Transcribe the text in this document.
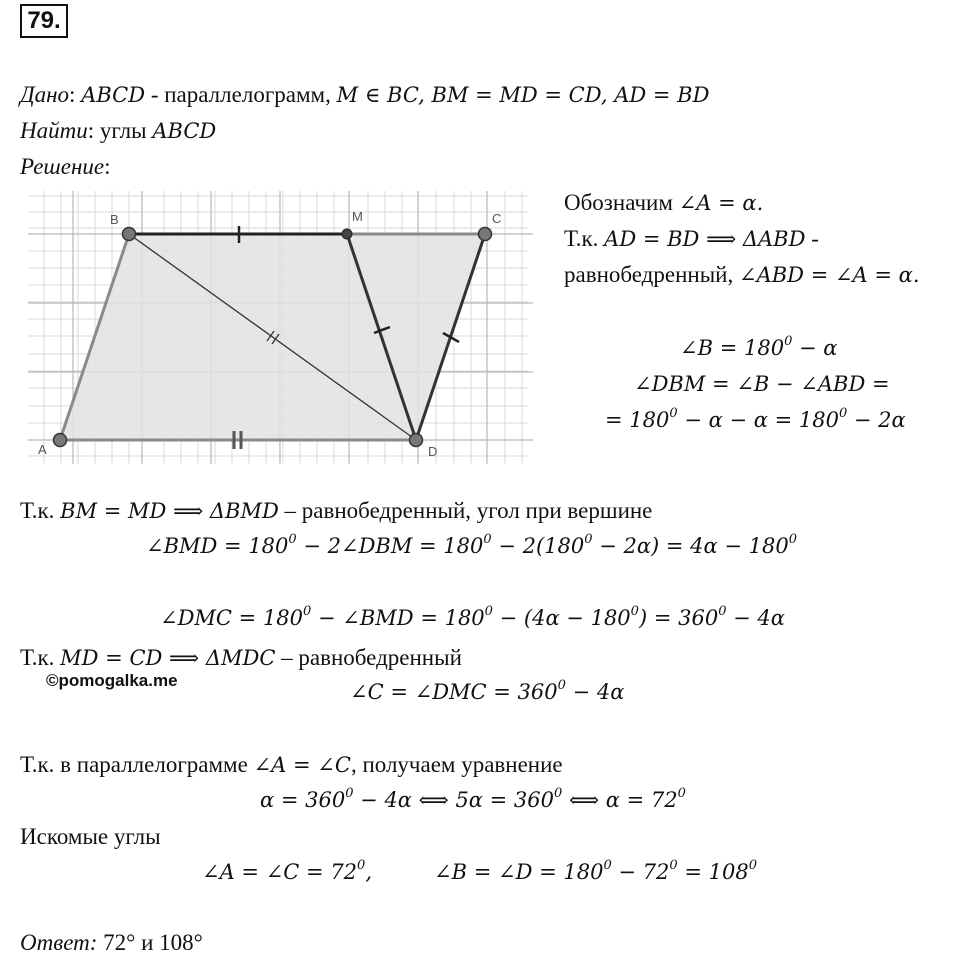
79.
Дано: ABCD - параллелограмм, M ∈ BC, BM = MD = CD, AD = BD
Найти: углы ABCD
Решение:
A
B	C
D
M
Обозначим ∠A = α.
Т.к. AD = BD ⟹ ΔABD -
равнобедренный, ∠ABD = ∠A = α.
∠B = $180^0 - \alpha$
∠DBM = ∠B − ∠ABD =
= $180^0 - \alpha - \alpha = 180^0 - 2\alpha$
Т.к. BM = MD ⟹ ΔBMD – равнобедренный, угол при вершине
∠BMD = $180^0$ − 2∠DBM = $180^0 - 2(180^0 - 2\alpha) = 4\alpha - 180^0$
∠DMC = $180^0$ − ∠BMD = $180^0 - (4\alpha - 180^0) = 360^0 - 4\alpha$
Т.к. MD = CD ⟹ ΔMDC – равнобедренный
©pomogalka.me	∠C = ∠DMC = $360^0 - 4\alpha$
Т.к. в параллелограмме ∠A = ∠C, получаем уравнение
$\alpha = 360^0 - 4\alpha$ ⟺ $5\alpha = 360^0$ ⟺ $\alpha = 72^0$
Искомые углы
∠A = ∠C = $72^0$,	∠B = ∠D = $180^0 - 72^0 = 108^0$
Ответ: 72° и 108°
